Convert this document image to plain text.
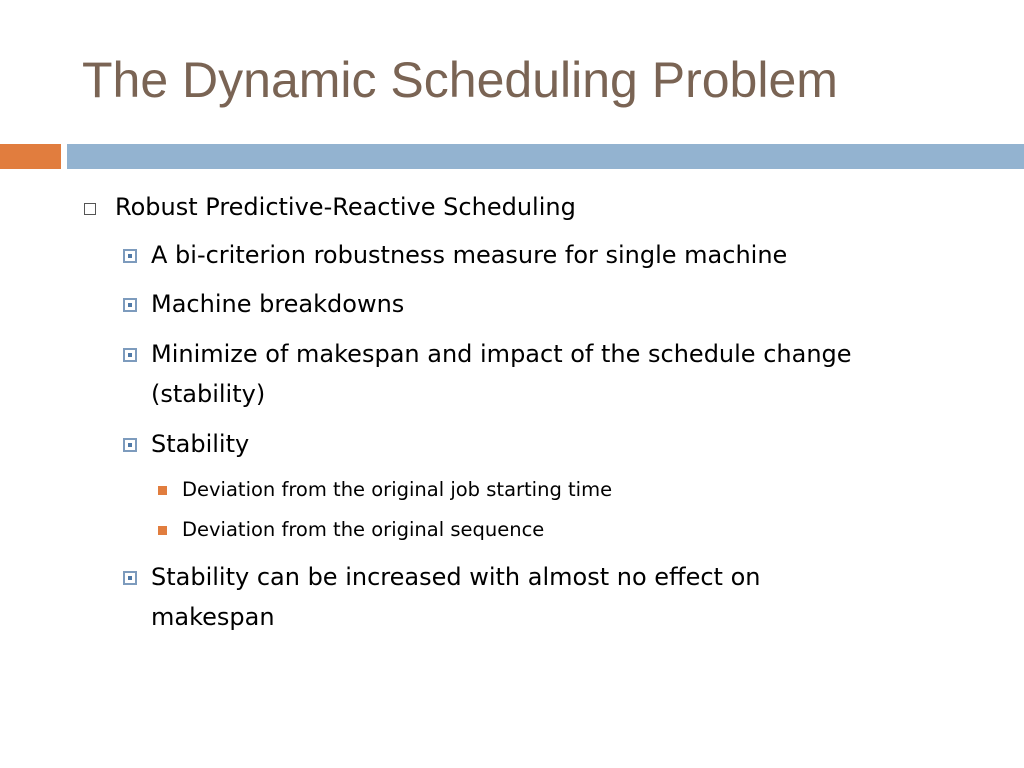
The Dynamic Scheduling Problem
Robust Predictive-Reactive Scheduling
A bi-criterion robustness measure for single machine
Machine breakdowns
Minimize of makespan and impact of the schedule change
(stability)
Stability
Deviation from the original job starting time
Deviation from the original sequence
Stability can be increased with almost no effect on
makespan
